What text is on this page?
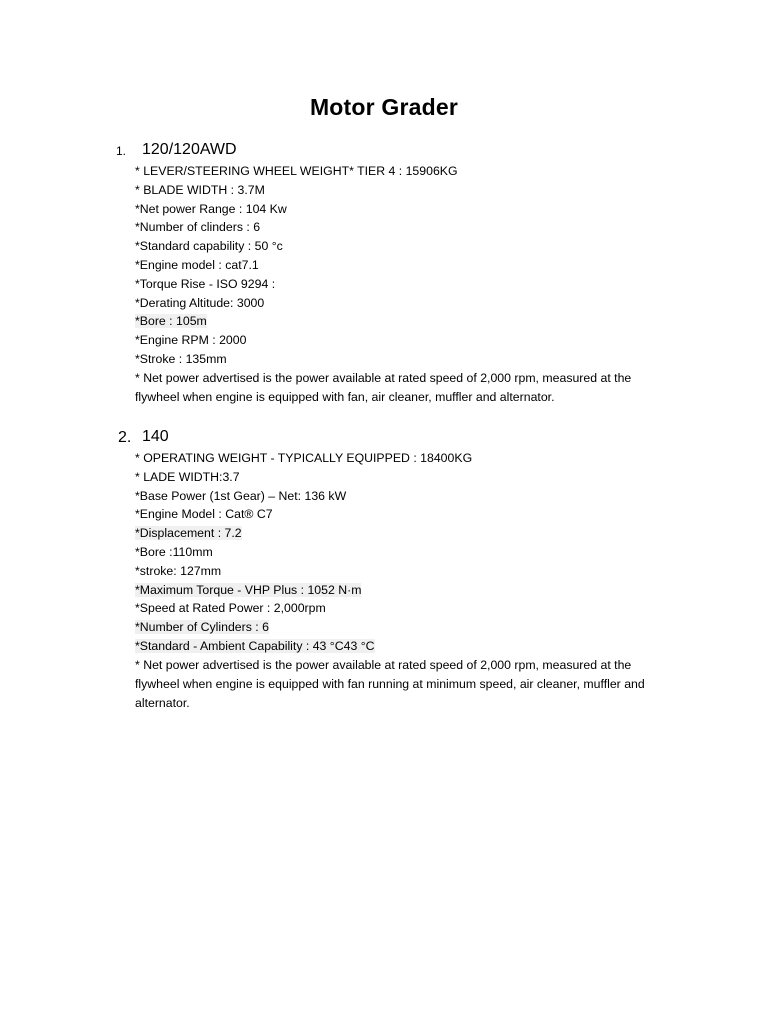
Motor Grader
1. 120/120AWD
* LEVER/STEERING WHEEL WEIGHT* TIER 4 : 15906KG
* BLADE WIDTH : 3.7M
*Net power Range : 104 Kw
*Number of clinders : 6
*Standard capability : 50 °c
*Engine model : cat7.1
*Torque Rise - ISO 9294 :
*Derating Altitude: 3000
*Bore : 105m
*Engine RPM : 2000
*Stroke : 135mm
* Net power advertised is the power available at rated speed of 2,000 rpm, measured at the flywheel when engine is equipped with fan, air cleaner, muffler and alternator.
2. 140
* OPERATING WEIGHT - TYPICALLY EQUIPPED : 18400KG
* LADE WIDTH:3.7
*Base Power (1st Gear) – Net: 136 kW
*Engine Model : Cat® C7
*Displacement : 7.2
*Bore :110mm
*stroke: 127mm
*Maximum Torque - VHP Plus : 1052 N·m
*Speed at Rated Power : 2,000rpm
*Number of Cylinders : 6
*Standard - Ambient Capability : 43 °C43 °C
* Net power advertised is the power available at rated speed of 2,000 rpm, measured at the flywheel when engine is equipped with fan running at minimum speed, air cleaner, muffler and alternator.
